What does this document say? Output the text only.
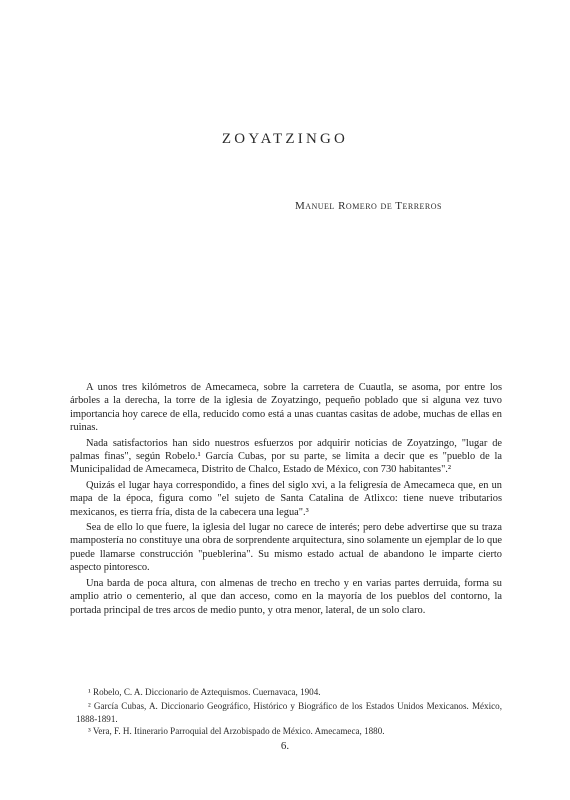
ZOYATZINGO
Manuel Romero de Terreros

A unos tres kilómetros de Amecameca, sobre la carretera de Cuautla, se asoma, por entre los árboles a la derecha, la torre de la iglesia de Zoyatzingo, pequeño poblado que si alguna vez tuvo importancia hoy carece de ella, reducido como está a unas cuantas casitas de adobe, muchas de ellas en ruinas.

Nada satisfactorios han sido nuestros esfuerzos por adquirir noticias de Zoyatzingo, "lugar de palmas finas", según Robelo.¹ García Cubas, por su parte, se limita a decir que es "pueblo de la Municipalidad de Amecameca, Distrito de Chalco, Estado de México, con 730 habitantes".²

Quizás el lugar haya correspondido, a fines del siglo xvi, a la feligresía de Amecameca que, en un mapa de la época, figura como "el sujeto de Santa Catalina de Atlixco: tiene nueve tributarios mexicanos, es tierra fría, dista de la cabecera una legua".³

Sea de ello lo que fuere, la iglesia del lugar no carece de interés; pero debe advertirse que su traza mampostería no constituye una obra de sorprendente arquitectura, sino solamente un ejemplar de lo que puede llamarse construcción "pueblerina". Su mismo estado actual de abandono le imparte cierto aspecto pintoresco.

Una barda de poca altura, con almenas de trecho en trecho y en varias partes derruida, forma su amplio atrio o cementerio, al que dan acceso, como en la mayoría de los pueblos del contorno, la portada principal de tres arcos de medio punto, y otra menor, lateral, de un solo claro.

¹ Robelo, C. A. Diccionario de Aztequismos. Cuernavaca, 1904.

² García Cubas, A. Diccionario Geográfico, Histórico y Biográfico de los Estados Unidos Mexicanos. México, 1888-1891.

³ Vera, F. H. Itinerario Parroquial del Arzobispado de México. Amecameca, 1880.

6.
